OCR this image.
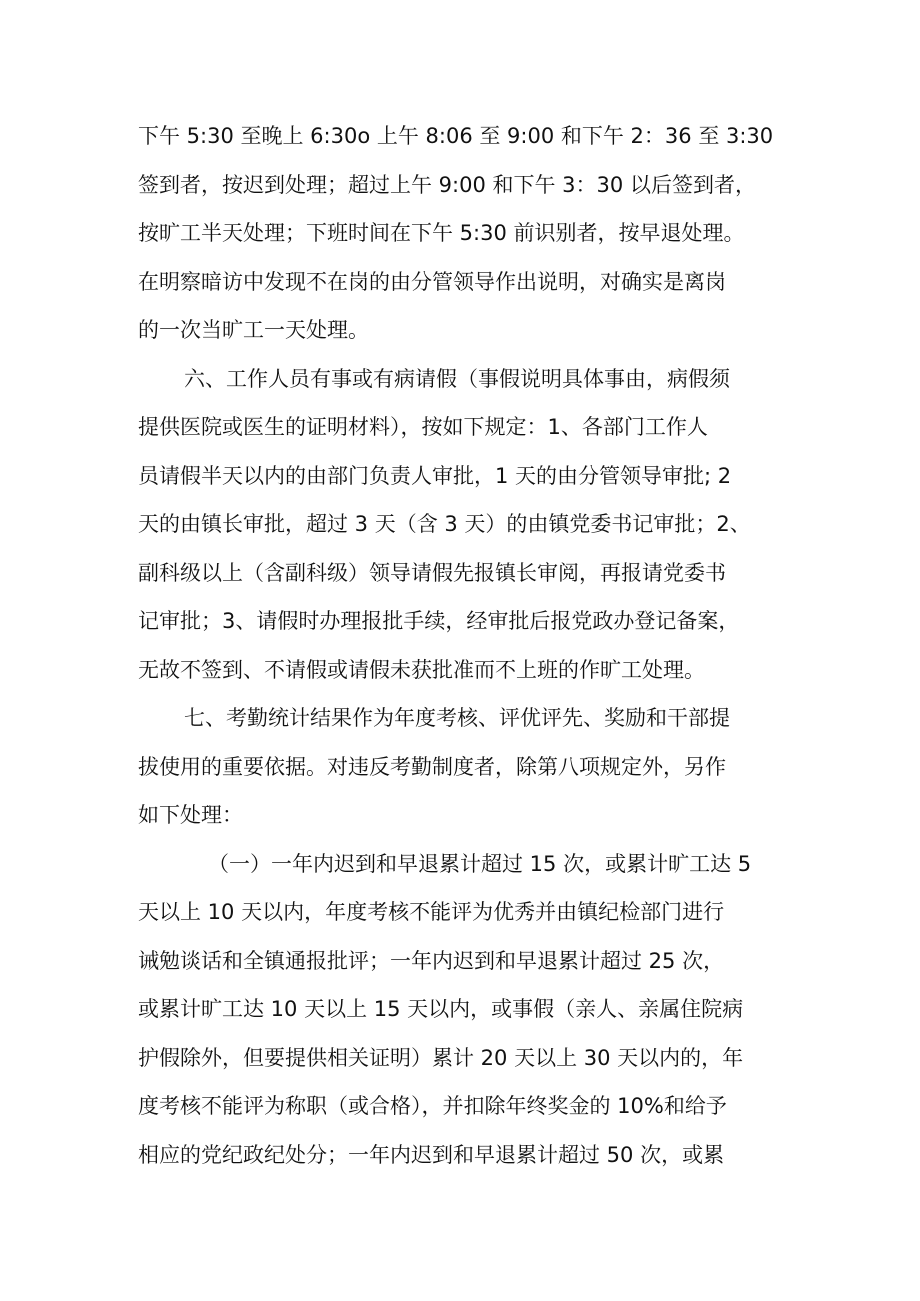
下午 5:30 至晚上 6:30o 上午 8:06 至 9:00 和下午 2：36 至 3:30
签到者，按迟到处理；超过上午 9:00 和下午 3：30 以后签到者，
按旷工半天处理；下班时间在下午 5:30 前识别者，按早退处理。
在明察暗访中发现不在岗的由分管领导作出说明，对确实是离岗
的一次当旷工一天处理。
六、工作人员有事或有病请假（事假说明具体事由，病假须
提供医院或医生的证明材料），按如下规定：1、各部门工作人
员请假半天以内的由部门负责人审批，1 天的由分管领导审批; 2
天的由镇长审批，超过 3 天（含 3 天）的由镇党委书记审批；2、
副科级以上（含副科级）领导请假先报镇长审阅，再报请党委书
记审批；3、请假时办理报批手续，经审批后报党政办登记备案，
无故不签到、不请假或请假未获批准而不上班的作旷工处理。
七、考勤统计结果作为年度考核、评优评先、奖励和干部提
拔使用的重要依据。对违反考勤制度者，除第八项规定外，另作
如下处理：
（一）一年内迟到和早退累计超过 15 次，或累计旷工达 5
天以上 10 天以内，年度考核不能评为优秀并由镇纪检部门进行
诫勉谈话和全镇通报批评；一年内迟到和早退累计超过 25 次，
或累计旷工达 10 天以上 15 天以内，或事假（亲人、亲属住院病
护假除外，但要提供相关证明）累计 20 天以上 30 天以内的，年
度考核不能评为称职（或合格），并扣除年终奖金的 10%和给予
相应的党纪政纪处分；一年内迟到和早退累计超过 50 次，或累
